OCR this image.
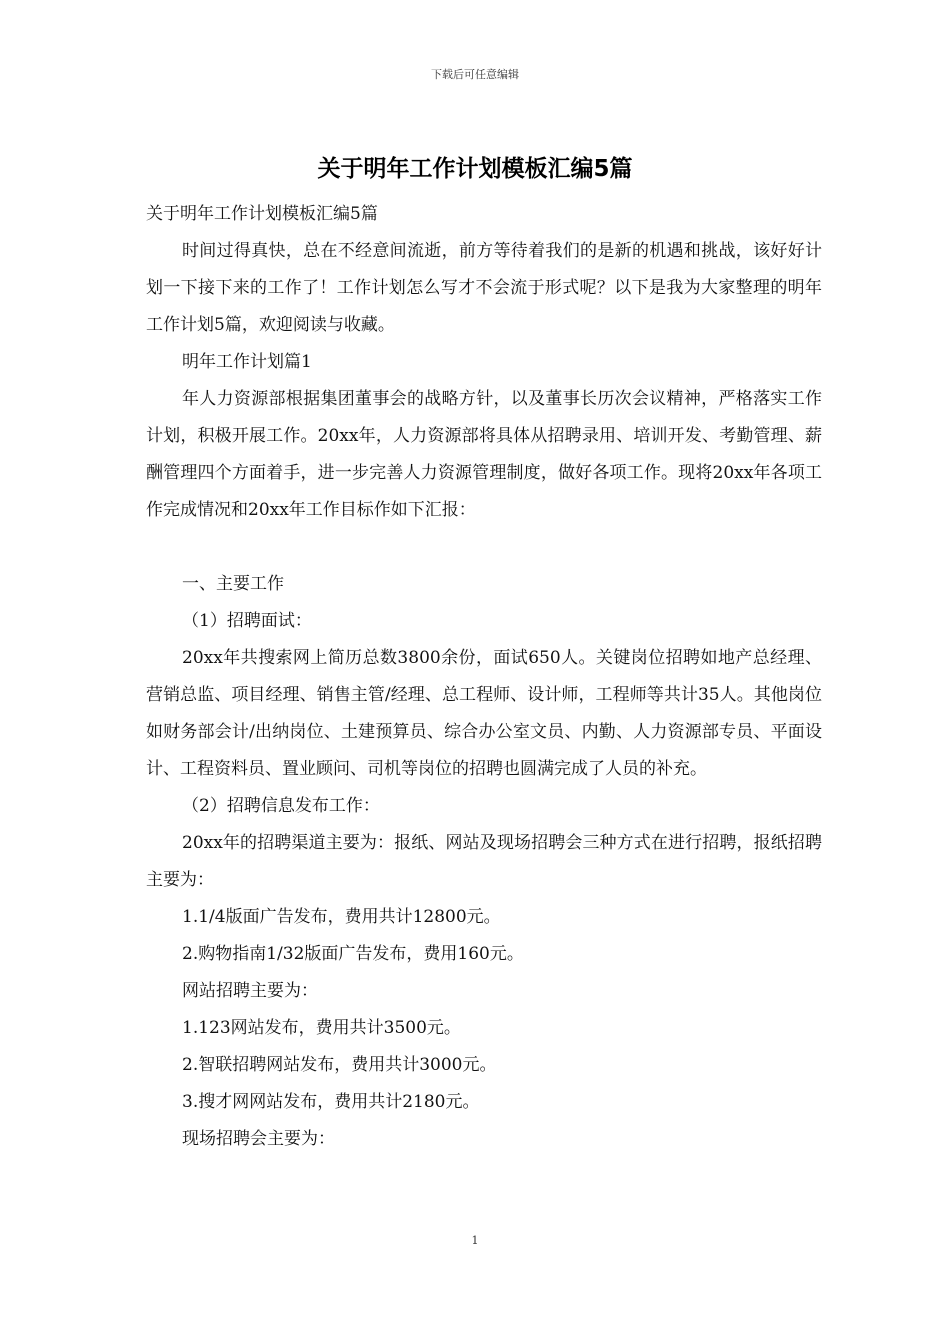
下载后可任意编辑
关于明年工作计划模板汇编5篇

关于明年工作计划模板汇编5篇

时间过得真快，总在不经意间流逝，前方等待着我们的是新的机遇和挑战，该好好计划一下接下来的工作了！工作计划怎么写才不会流于形式呢？以下是我为大家整理的明年工作计划5篇，欢迎阅读与收藏。

明年工作计划篇1

年人力资源部根据集团董事会的战略方针，以及董事长历次会议精神，严格落实工作计划，积极开展工作。20xx年，人力资源部将具体从招聘录用、培训开发、考勤管理、薪酬管理四个方面着手，进一步完善人力资源管理制度，做好各项工作。现将20xx年各项工作完成情况和20xx年工作目标作如下汇报：

一、主要工作

（1）招聘面试：

20xx年共搜索网上简历总数3800余份，面试650人。关键岗位招聘如地产总经理、营销总监、项目经理、销售主管/经理、总工程师、设计师，工程师等共计35人。其他岗位如财务部会计/出纳岗位、土建预算员、综合办公室文员、内勤、人力资源部专员、平面设计、工程资料员、置业顾问、司机等岗位的招聘也圆满完成了人员的补充。

（2）招聘信息发布工作：

20xx年的招聘渠道主要为：报纸、网站及现场招聘会三种方式在进行招聘，报纸招聘主要为：

1.1/4版面广告发布，费用共计12800元。

2.购物指南1/32版面广告发布，费用160元。

网站招聘主要为：

1.123网站发布，费用共计3500元。

2.智联招聘网站发布，费用共计3000元。

3.搜才网网站发布，费用共计2180元。

现场招聘会主要为：

1
